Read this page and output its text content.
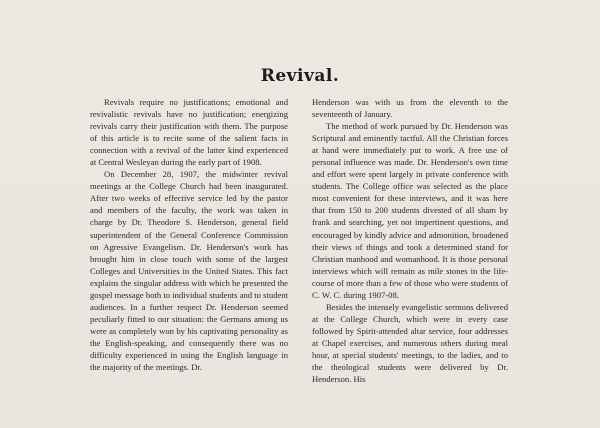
Revival.

Revivals require no justifications; emotional and revivalistic revivals have no justification; energizing revivals carry their justification with them. The purpose of this article is to recite some of the salient facts in connection with a revival of the latter kind experienced at Central Wesleyan during the early part of 1908.

On December 28, 1907, the midwinter revival meetings at the College Church had been inaugurated. After two weeks of effective service led by the pastor and members of the faculty, the work was taken in charge by Dr. Theodore S. Henderson, general field superintendent of the General Conference Commission on Agressive Evangelism. Dr. Henderson's work has brought him in close touch with some of the largest Colleges and Universities in the United States. This fact explains the singular address with which he presented the gospel message both to individual students and to student audiences. In a further respect Dr. Henderson seemed peculiarly fitted to our situation: the Germans among us were as completely won by his captivating personality as the English-speaking, and consequently there was no difficulty experienced in using the English language in the majority of the meetings. Dr.

Henderson was with us from the eleventh to the seventeenth of January.

The method of work pursued by Dr. Henderson was Scriptural and eminently tactful. All the Christian forces at hand were immediately put to work. A free use of personal influence was made. Dr. Henderson's own time and effort were spent largely in private conference with students. The College office was selected as the place most convenient for these interviews, and it was here that from 150 to 200 students divested of all sham by frank and searching, yet not impertinent questions, and encouraged by kindly advice and admonition, broadened their views of things and took a determined stand for Christian manhood and womanhood. It is those personal interviews which will remain as mile stones in the life-course of more than a few of those who were students of C. W. C. during 1907-08.

Besides the intensely evangelistic sermons delivered at the College Church, which were in every case followed by Spirit-attended altar service, four addresses at Chapel exercises, and numerous others during meal hour, at special students' meetings, to the ladies, and to the theological students were delivered by Dr. Henderson. His
